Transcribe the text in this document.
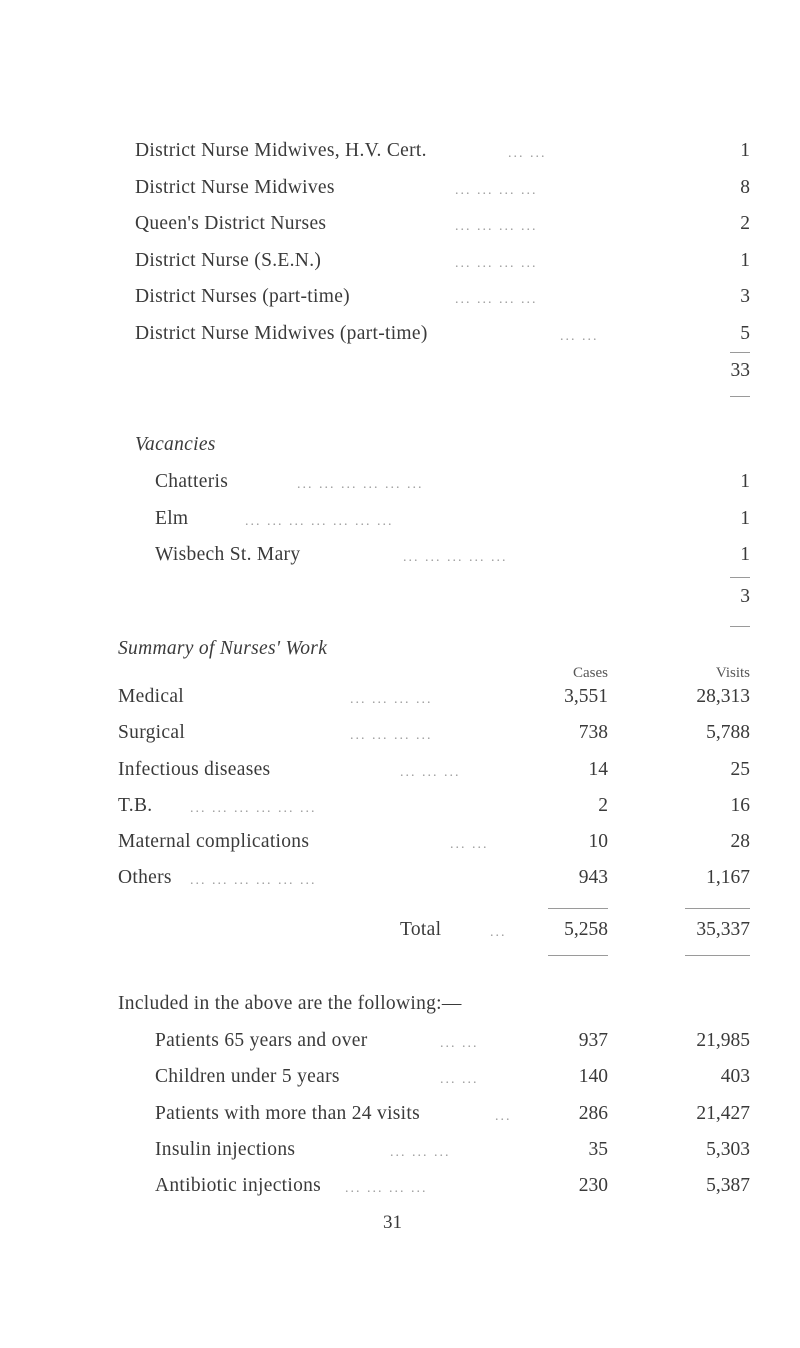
District Nurse Midwives, H.V. Cert.	... ...	1
District Nurse Midwives	... ... ... ...	8
Queen's District Nurses	... ... ... ...	2
District Nurse (S.E.N.)	... ... ... ...	1
District Nurses (part-time)	... ... ... ...	3
District Nurse Midwives (part-time)	... ...	5
33
Vacancies
Chatteris	... ... ... ... ... ...	1
Elm	... ... ... ... ... ... ...	1
Wisbech St. Mary	... ... ... ... ...	1
3
Summary of Nurses' Work
Cases	Visits
Medical	... ... ... ...	3,551	28,313
Surgical	... ... ... ...	738	5,788
Infectious diseases	... ... ...	14	25
T.B.	... ... ... ... ... ...	2	16
Maternal complications	... ...	10	28
Others ... ... ... ... ... ...	943	1,167
Total	...	5,258	35,337
Included in the above are the following:—
Patients 65 years and over	... ...	937	21,985
Children under 5 years	... ...	140	403
Patients with more than 24 visits	...	286	21,427
Insulin injections	... ... ...	35	5,303
Antibiotic injections ... ... ... ...	230	5,387
31
